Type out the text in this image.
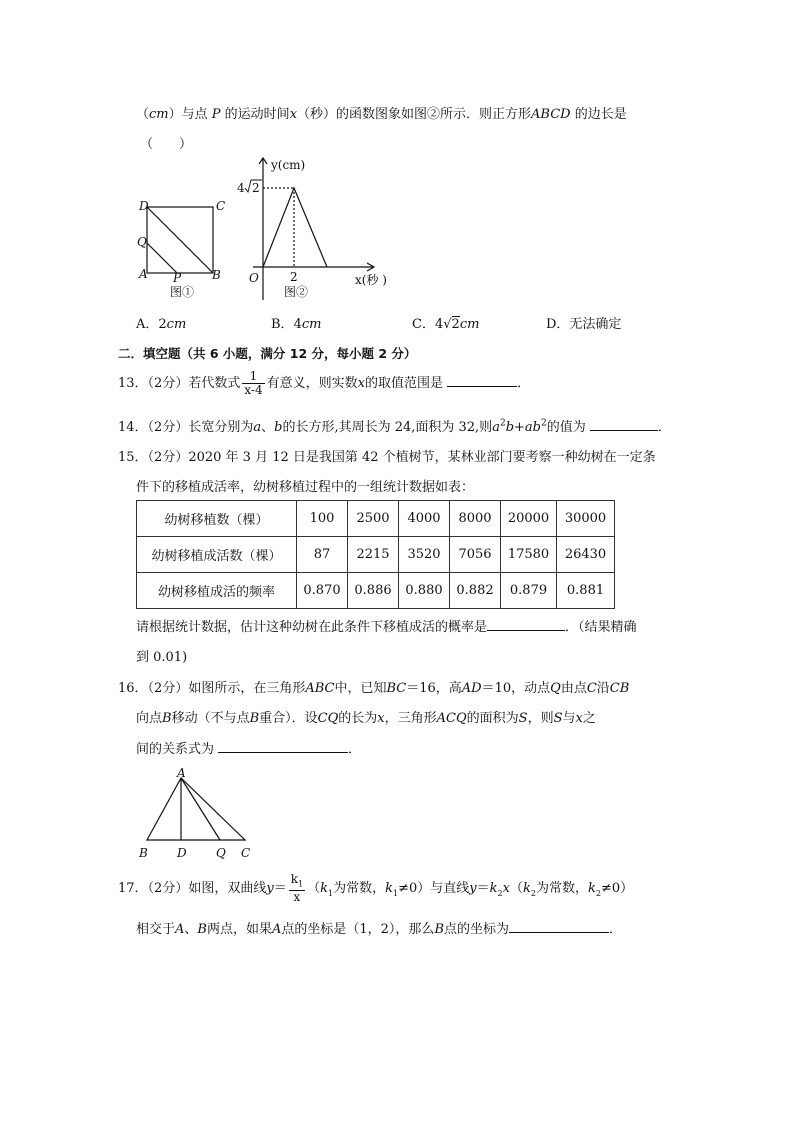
（cm）与点 P 的运动时间x（秒）的函数图象如图②所示．则正方形ABCD 的边长是
（　　）
D	C
Q
A P	B
图①
y(cm)
4 2
O	2	x(秒 )
图②
A．2cm	B．4cm	C．4√2cm	D．无法确定
二．填空题（共 6 小题，满分 12 分，每小题 2 分）
13．（2分）若代数式 $\frac{1}{x-4}$ 有意义，则实数x的取值范围是	．
14．（2分）长宽分别为a、b的长方形,其周长为 24,面积为 32,则$a^2b+ab^2$的值为	．
15．（2分）2020 年 3 月 12 日是我国第 42 个植树节，某林业部门要考察一种幼树在一定条
件下的移植成活率，幼树移植过程中的一组统计数据如表：
幼树移植数（棵）	100	2500	4000	8000	20000	30000
幼树移植成活数（棵）	87	2215	3520	7056	17580	26430
幼树移植成活的频率	0.870	0.886	0.880	0.882	0.879	0.881
请根据统计数据，估计这种幼树在此条件下移植成活的概率是	．（结果精确
到 0.01)
16．（2分）如图所示，在三角形ABC中，已知BC＝16，高AD＝10，动点Q由点C沿CB
向点B移动（不与点B重合）．设CQ的长为x，三角形ACQ的面积为S，则S与x之
间的关系式为	．
A
B D Q C
17．（2分）如图，双曲线$y= \frac{k_1}{x} (k_1$为常数，$k_1\ne 0$）与直线$y=k_2x(k_2$为常数，$k_2\ne 0$）
相交于A、B两点，如果A点的坐标是（1，2），那么B点的坐标为	．
